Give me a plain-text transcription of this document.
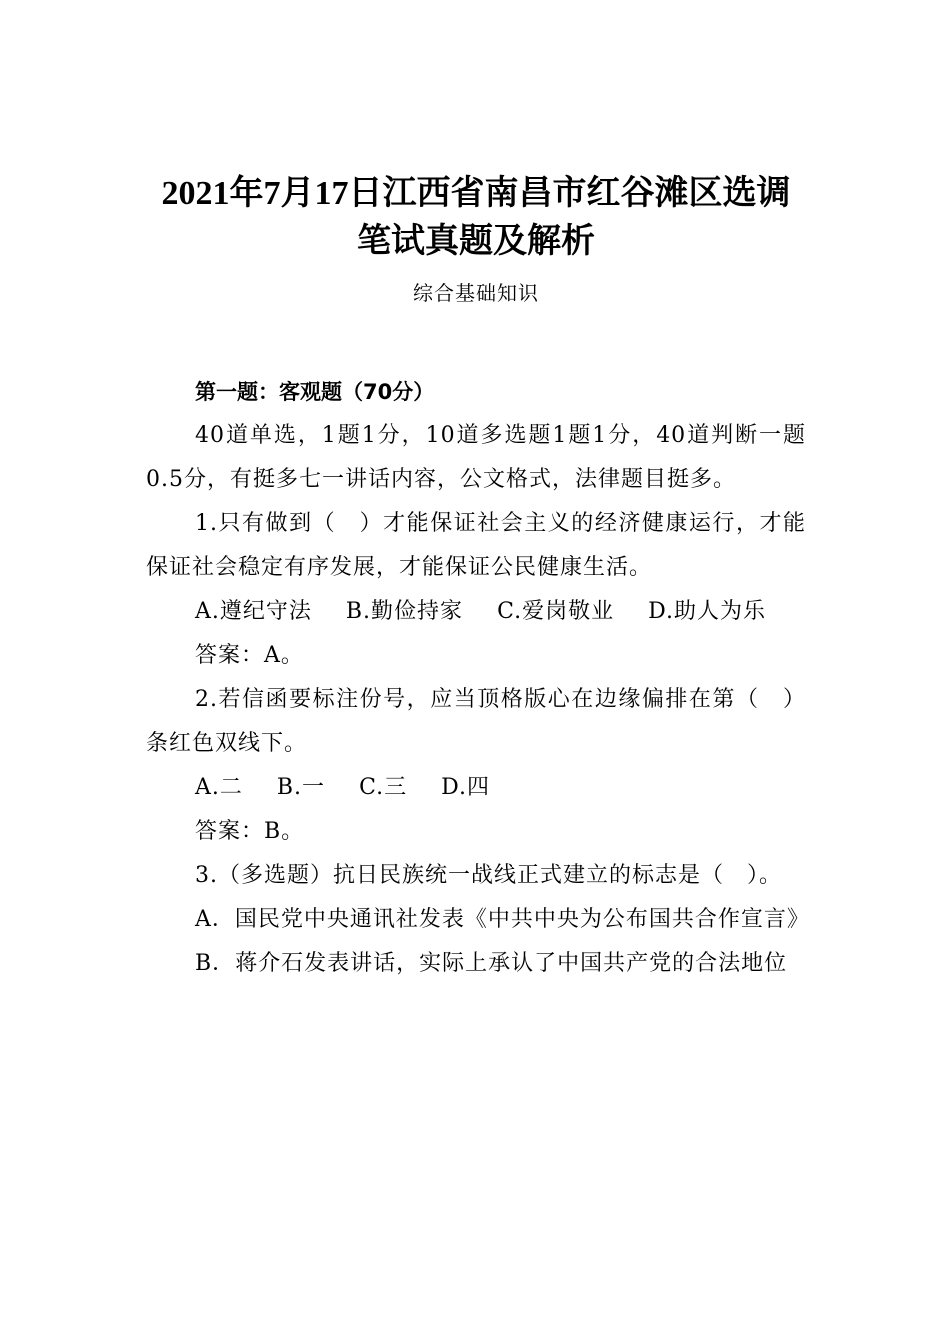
2021年7月17日江西省南昌市红谷滩区选调笔试真题及解析
综合基础知识
第一题：客观题（70分）

40道单选，1题1分，10道多选题1题1分，40道判断一题0.5分，有挺多七一讲话内容，公文格式，法律题目挺多。

1.只有做到（　）才能保证社会主义的经济健康运行，才能保证社会稳定有序发展，才能保证公民健康生活。

A.遵纪守法 B.勤俭持家 C.爱岗敬业 D.助人为乐

答案：A。

2.若信函要标注份号，应当顶格版心在边缘偏排在第（　）条红色双线下。

A.二 B.一 C.三 D.四

答案：B。

3.（多选题）抗日民族统一战线正式建立的标志是（　）。

A．国民党中央通讯社发表《中共中央为公布国共合作宣言》

B．蒋介石发表讲话，实际上承认了中国共产党的合法地位
